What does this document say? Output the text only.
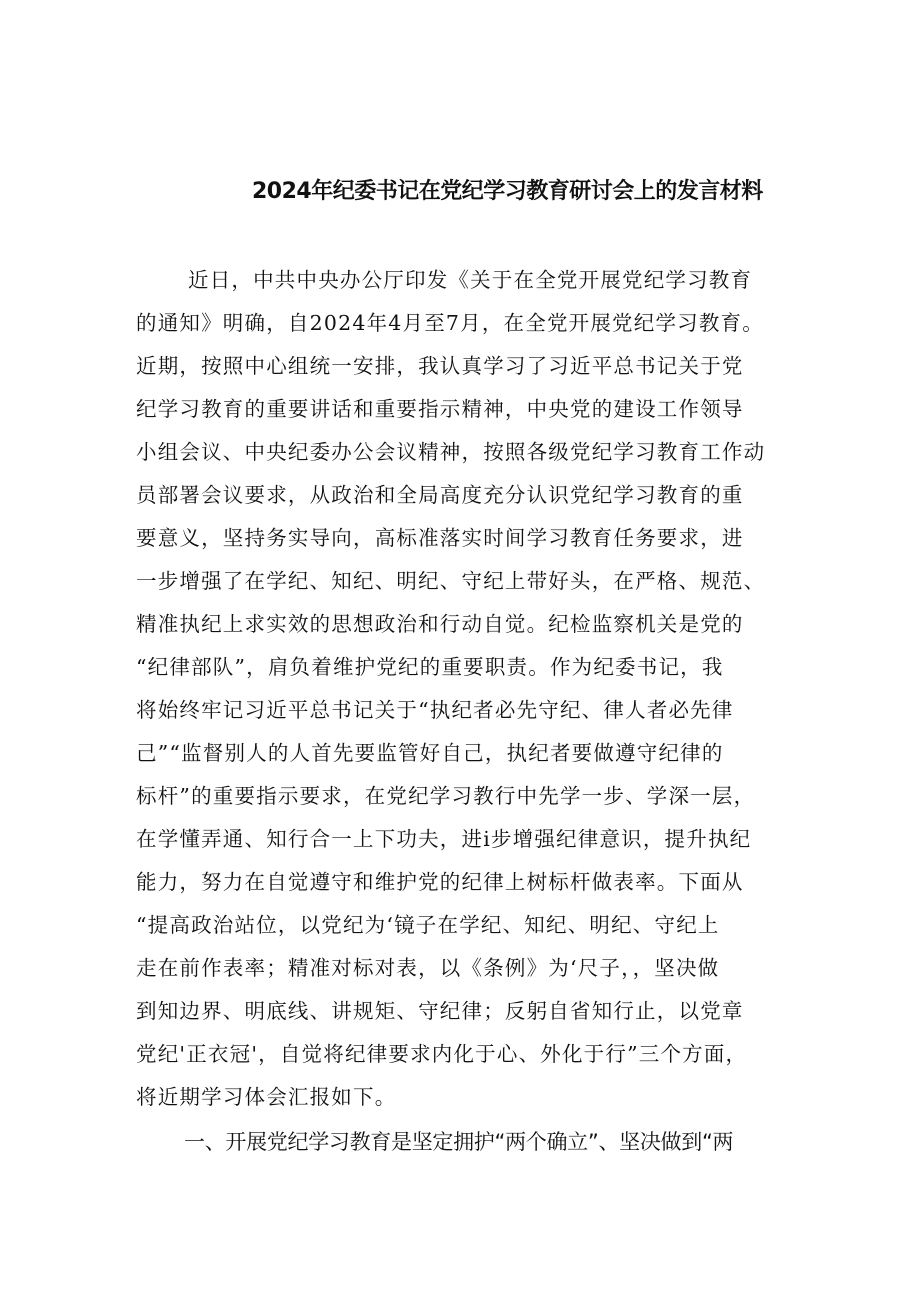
2024年纪委书记在党纪学习教育研讨会上的发言材料
近日，中共中央办公厅印发《关于在全党开展党纪学习教育
的通知》明确，自2024年4月至7月，在全党开展党纪学习教育。
近期，按照中心组统一安排，我认真学习了习近平总书记关于党
纪学习教育的重要讲话和重要指示精神，中央党的建设工作领导
小组会议、中央纪委办公会议精神，按照各级党纪学习教育工作动
员部署会议要求，从政治和全局高度充分认识党纪学习教育的重
要意义，坚持务实导向，高标准落实时间学习教育任务要求，进
一步增强了在学纪、知纪、明纪、守纪上带好头，在严格、规范、
精准执纪上求实效的思想政治和行动自觉。纪检监察机关是党的
“纪律部队”，肩负着维护党纪的重要职责。作为纪委书记，我
将始终牢记习近平总书记关于“执纪者必先守纪、律人者必先律
己”“监督别人的人首先要监管好自己，执纪者要做遵守纪律的
标杆”的重要指示要求，在党纪学习教行中先学一步、学深一层，
在学懂弄通、知行合一上下功夫，进i步增强纪律意识，提升执纪
能力，努力在自觉遵守和维护党的纪律上树标杆做表率。下面从
“提高政治站位，以党纪为‘镜子在学纪、知纪、明纪、守纪上
走在前作表率；精准对标对表，以《条例》为‘尺子，，坚决做
到知边界、明底线、讲规矩、守纪律；反躬自省知行止，以党章
党纪'正衣冠'，自觉将纪律要求内化于心、外化于行”三个方面，
将近期学习体会汇报如下。
一、开展党纪学习教育是坚定拥护“两个确立”、坚决做到“两
